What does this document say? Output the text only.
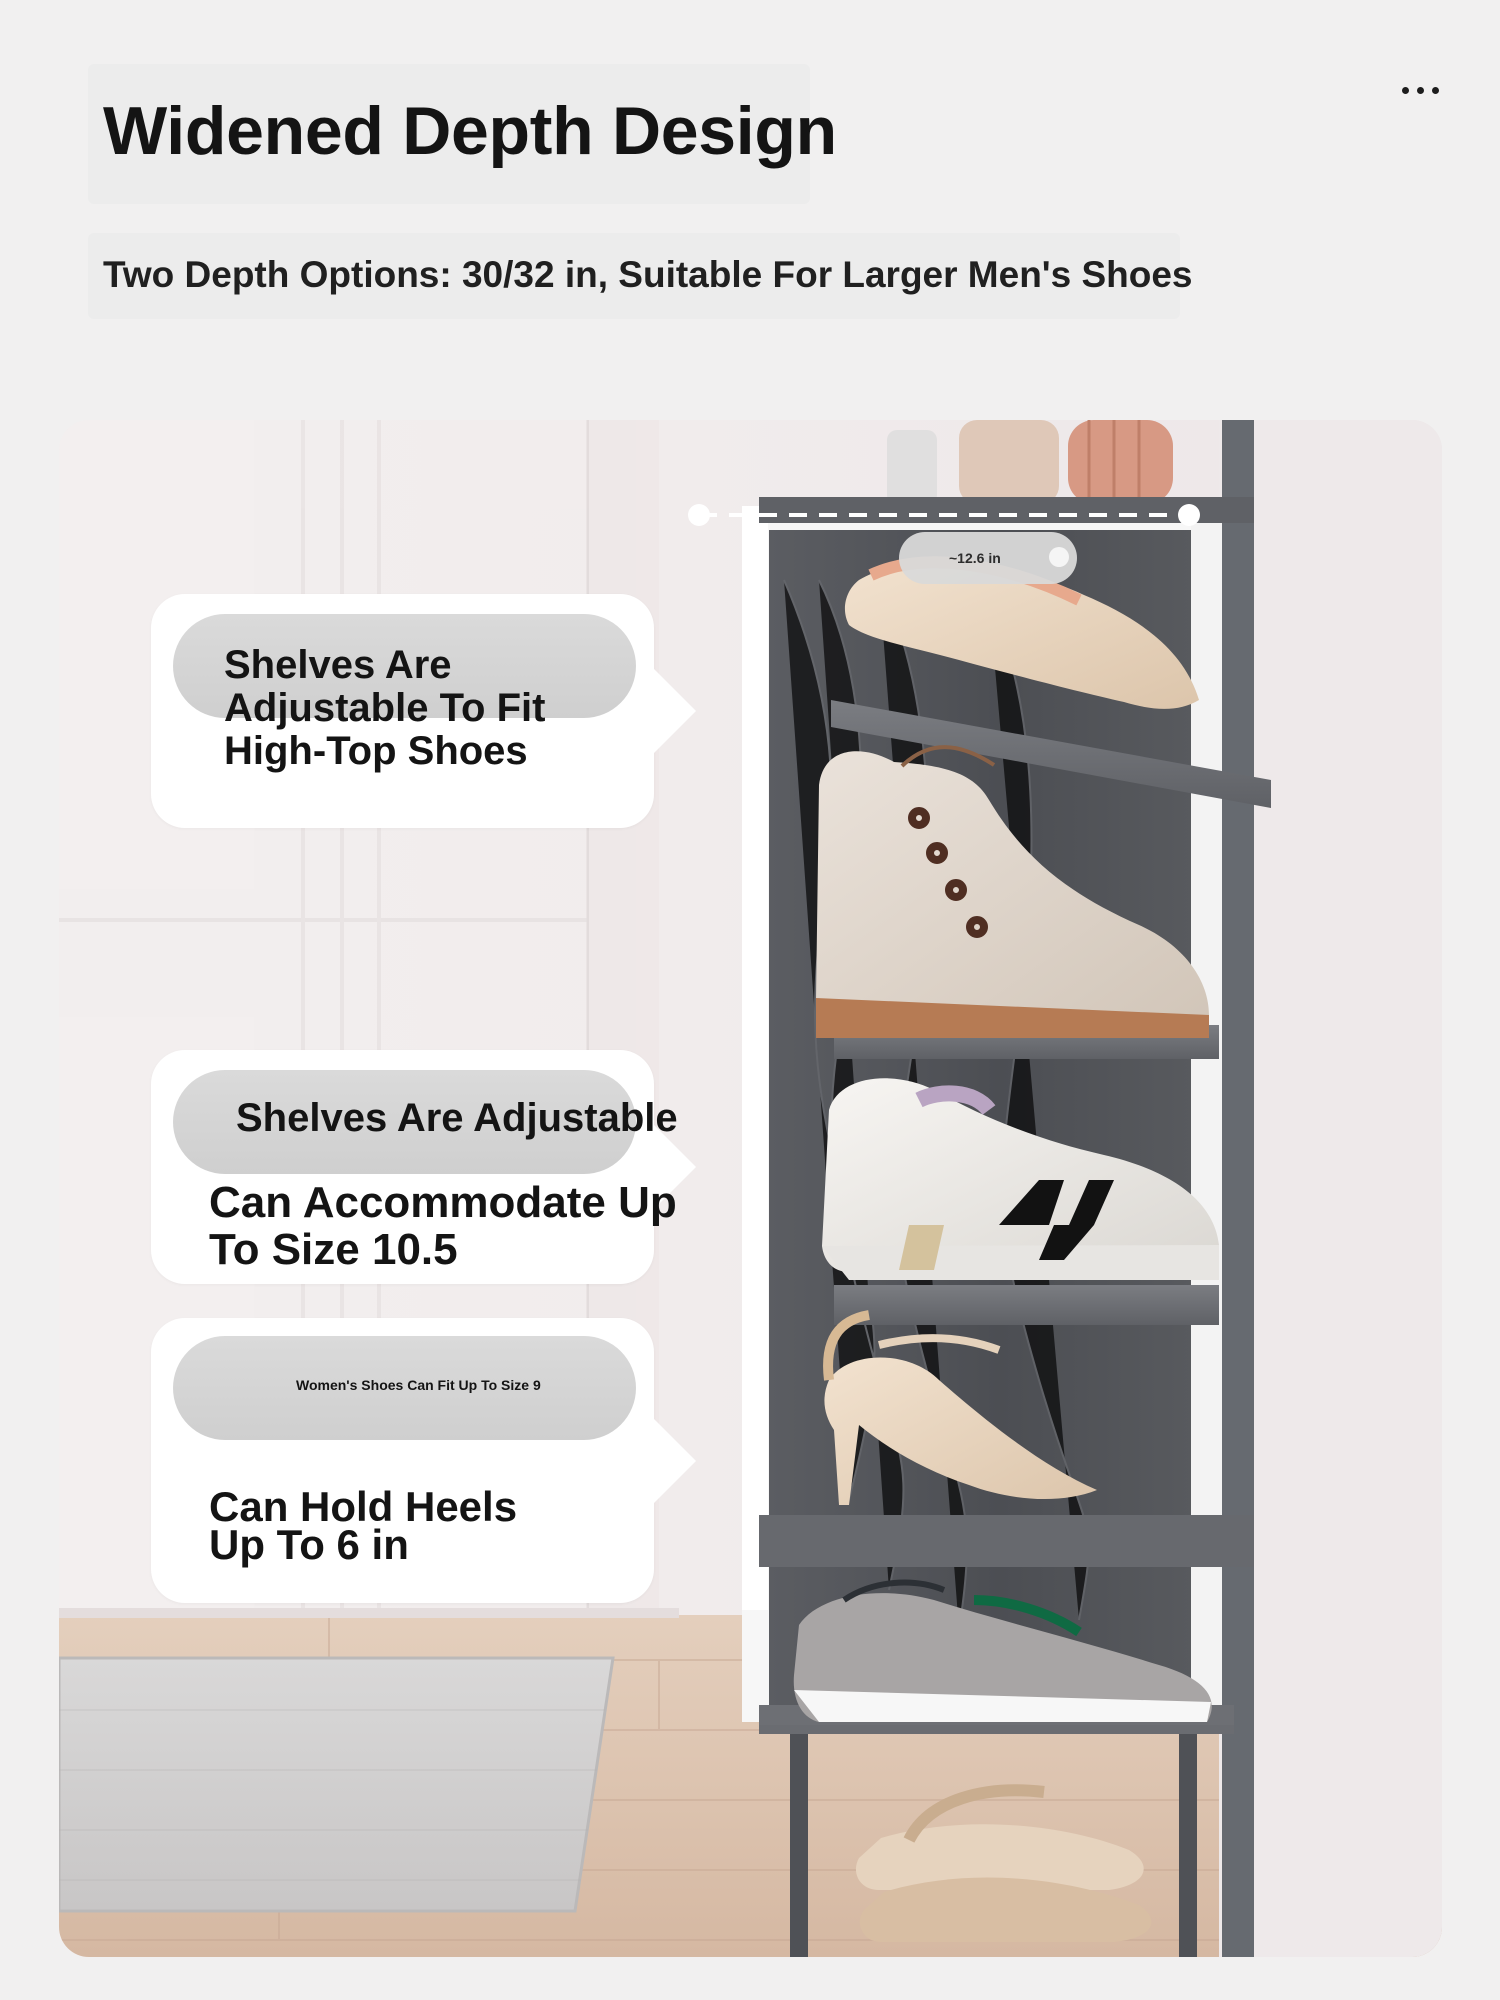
Widened Depth Design

Two Depth Options: 30/32 in, Suitable For Larger Men's Shoes

~12.6 in

Shelves Are Adjustable To Fit High-Top Shoes

Shelves Are Adjustable

Can Accommodate Up To Size 10.5

Women's Shoes Can Fit Up To Size 9

Can Hold Heels Up To 6 in
